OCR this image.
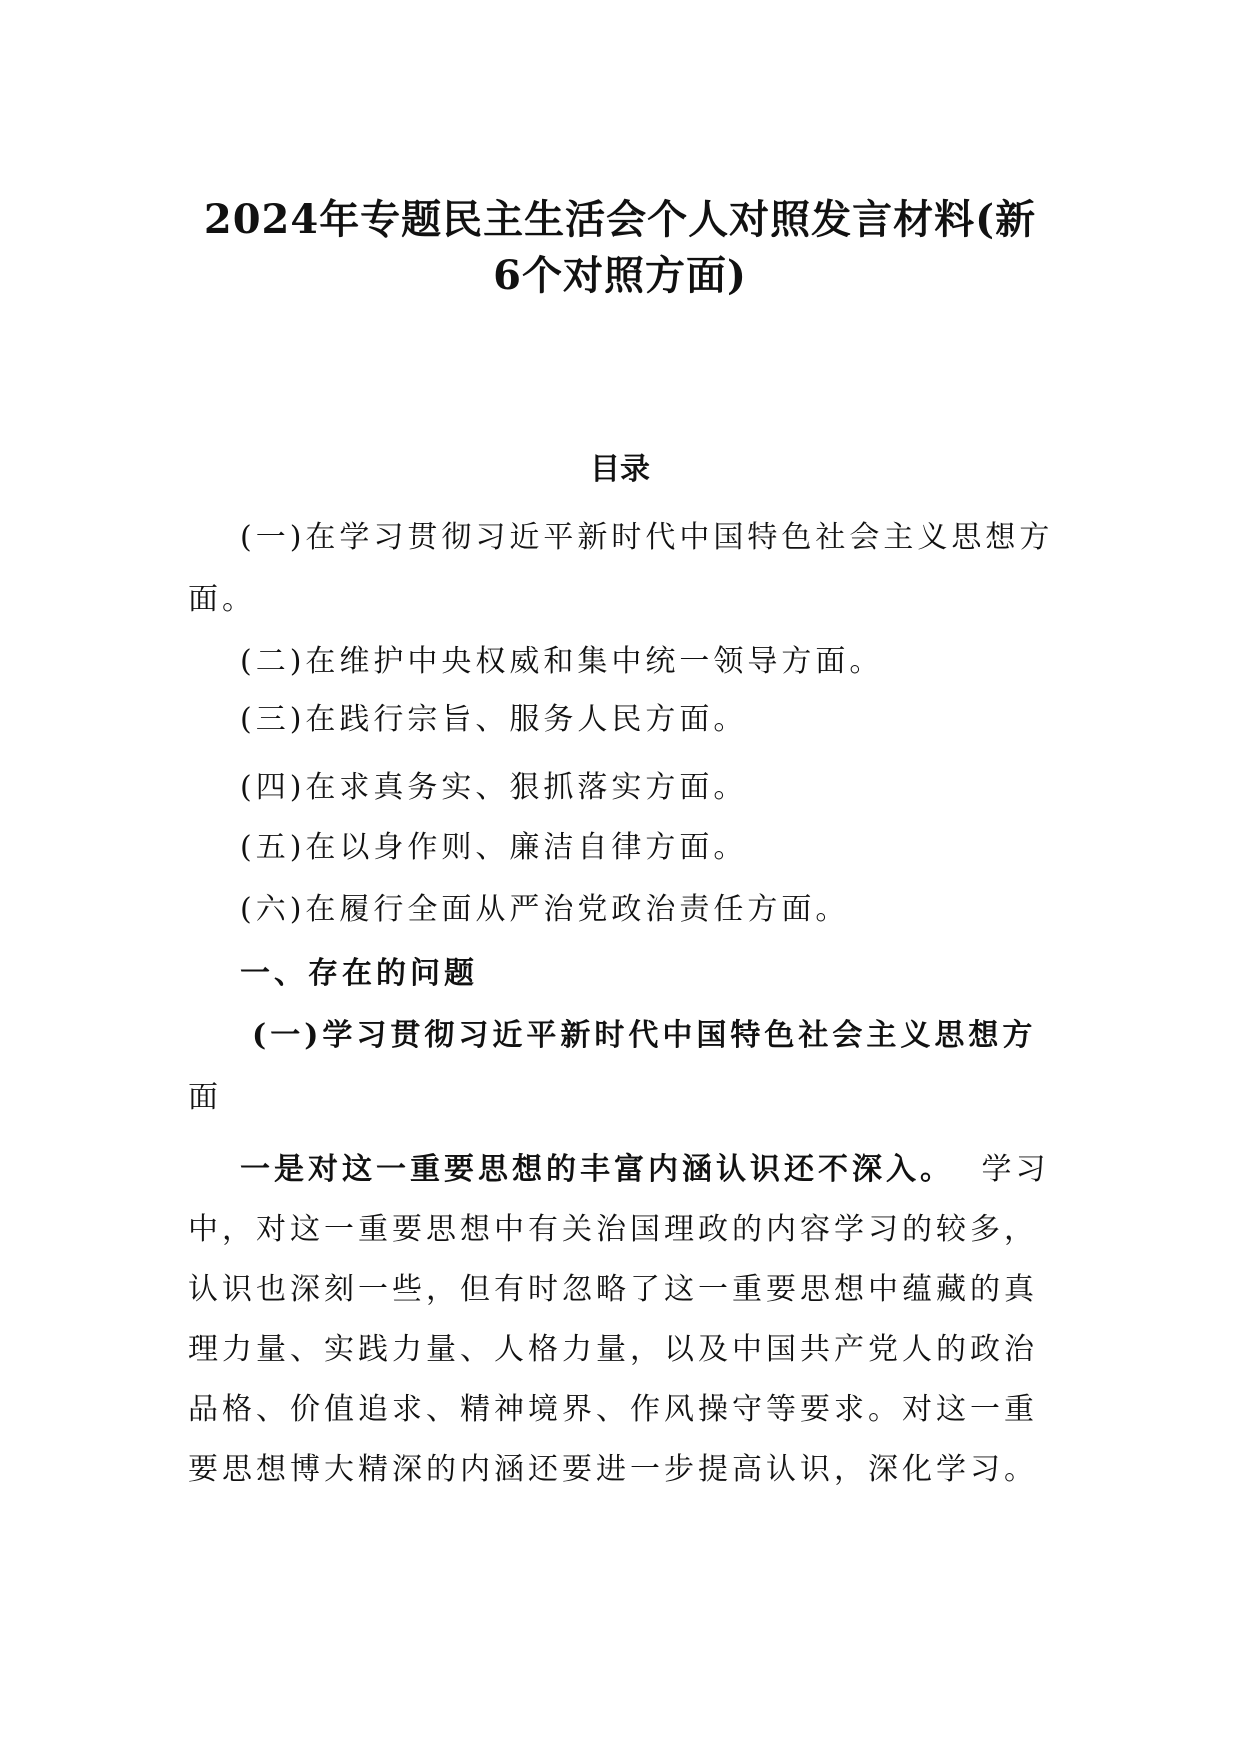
2024年专题民主生活会个人对照发言材料(新
6个对照方面)
目录
(一)在学习贯彻习近平新时代中国特色社会主义思想方
面。
(二)在维护中央权威和集中统一领导方面。
(三)在践行宗旨、服务人民方面。
(四)在求真务实、狠抓落实方面。
(五)在以身作则、廉洁自律方面。
(六)在履行全面从严治党政治责任方面。
一、存在的问题
(一)学习贯彻习近平新时代中国特色社会主义思想方
面
一是对这一重要思想的丰富内涵认识还不深入。 学习
中，对这一重要思想中有关治国理政的内容学习的较多，
认识也深刻一些，但有时忽略了这一重要思想中蕴藏的真
理力量、实践力量、人格力量，以及中国共产党人的政治
品格、价值追求、精神境界、作风操守等要求。对这一重
要思想博大精深的内涵还要进一步提高认识，深化学习。
